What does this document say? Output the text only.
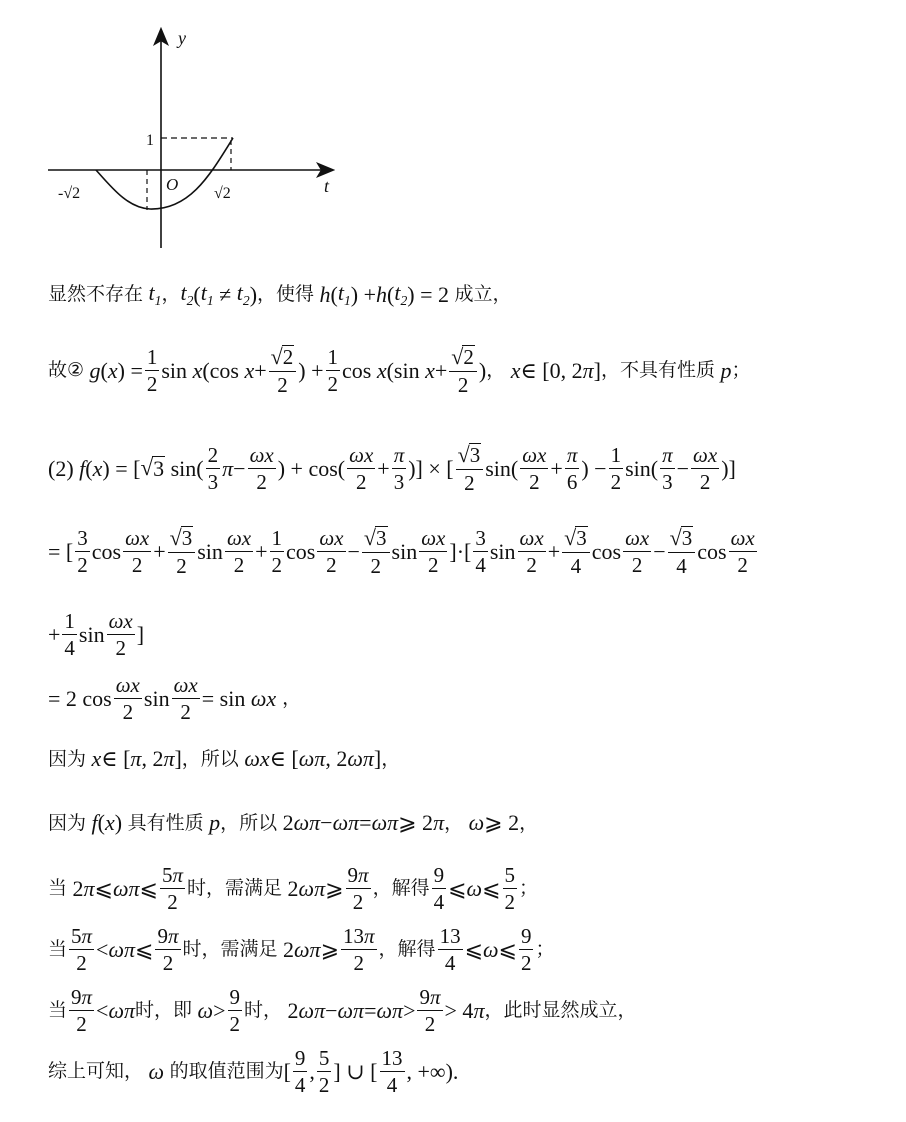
y
t
O
1
-√2	√2
显然不存在 $t_1$ ， $t_2$ ( $t_1 \ne t_2$ ) ，使得 h ( $t_1$ ) + h ( $t_2$ ) = 2 成立，
故② g ( x ) = $\frac{1}{2}$ sin x (cos $x + \frac{√ 2}{2}$ ) + $\frac{1}{2}$ cos x (sin $x + \frac{√ 2}{2}$ ) ， x ∈ [0, 2 π ] ，不具有性质
p ；
(2) f ( x ) = [ √ 3 $\sin( \frac{2}{3}$ $\pi - \frac{\omega x}{2}$ ) + $\cos( \frac{\omega x}{2} + \frac{\pi}{3}$ )] × [ $\frac{√ 3}{2} \sin( \frac{\omega x}{2} + \frac{\pi}{6}$ ) − $\frac{1}{2} \sin( \frac{\pi}{3} - \frac{\omega x}{2}$ )]
= [ $\frac{3}{2}$ $\cos \frac{\omega x}{2} + \frac{√ 3}{2}$ $\sin \frac{\omega x}{2} + \frac{1}{2}$ $\cos \frac{\omega x}{2} - \frac{√ 3}{2}$ $\sin \frac{\omega x}{2}$ ]·[ $\frac{3}{4}$ $\sin \frac{\omega x}{2} + \frac{√ 3}{4}$ $\cos \frac{\omega x}{2} - \frac{√ 3}{4}$ $\cos \frac{\omega x}{2}$
+ $\frac{1}{4}$ $\sin \frac{\omega x}{2}$ ]
= 2 $\cos \frac{\omega x}{2}$ $\sin \frac{\omega x}{2} = \sin \omega x$ ，
因为 x ∈ [ π , 2 π ] ，所以 ωx ∈ [ ωπ , 2 ωπ ] ，
因为 f ( x ) 具有性质
p ，所以 2 ωπ − ωπ = ωπ ⩾ 2 π ， ω ⩾ 2 ，
当 2 π ⩽ ωπ ⩽ $\frac{5\pi}{2}$ 时，需满足 2 ωπ ⩾ $\frac{9\pi}{2}$ ，解得 $\frac{9}{4}$ ⩽ ω ⩽ $\frac{5}{2}$ ；
当 $\frac{5\pi}{2} < \omega\pi$ ⩽ $\frac{9\pi}{2}$ 时，需满足 2 ωπ ⩾ $\frac{13\pi}{2}$ ，解得 $\frac{13}{4}$ ⩽ ω ⩽ $\frac{9}{2}$ ；
当 $\frac{9\pi}{2} < \omega\pi$ 时，即 $\omega > \frac{9}{2}$ 时， 2 $\omega\pi - \omega\pi = \omega\pi > \frac{9\pi}{2} > 4$ π ，此时显然成立，
综上可知， ω 的取值范围为 [ $\frac{9}{4}$ , $\frac{5}{2}$ ] ∪ [ $\frac{13}{4}$ , +∞).
